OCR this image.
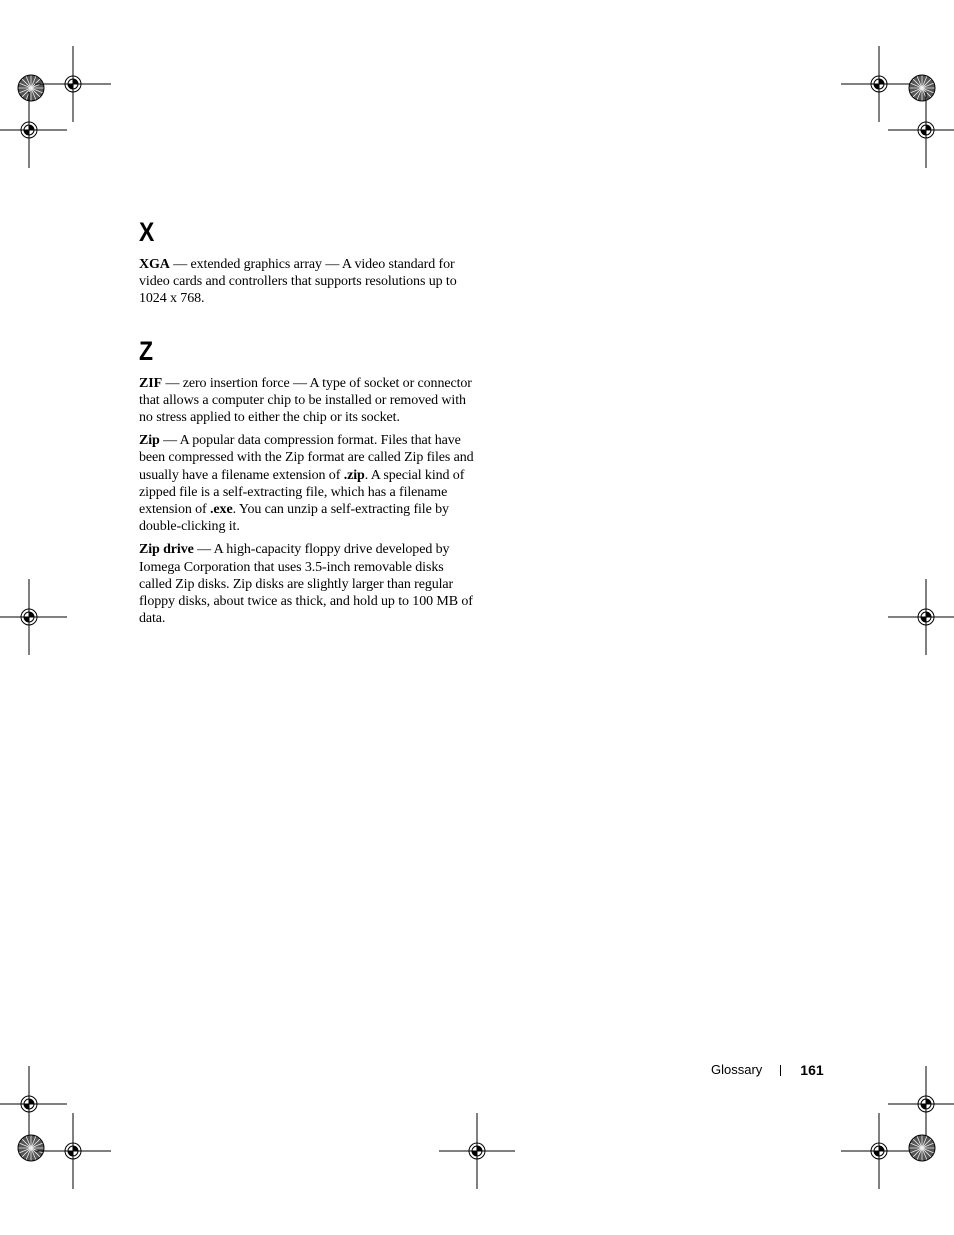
X

XGA — extended graphics array — A video standard for video cards and controllers that supports resolutions up to 1024 x 768.

Z

ZIF — zero insertion force — A type of socket or connector that allows a computer chip to be installed or removed with no stress applied to either the chip or its socket.

Zip — A popular data compression format. Files that have been compressed with the Zip format are called Zip files and usually have a filename extension of .zip. A special kind of zipped file is a self-extracting file, which has a filename extension of .exe. You can unzip a self-extracting file by double-clicking it.

Zip drive — A high-capacity floppy drive developed by Iomega Corporation that uses 3.5-inch removable disks called Zip disks. Zip disks are slightly larger than regular floppy disks, about twice as thick, and hold up to 100 MB of data.

Glossary	161
